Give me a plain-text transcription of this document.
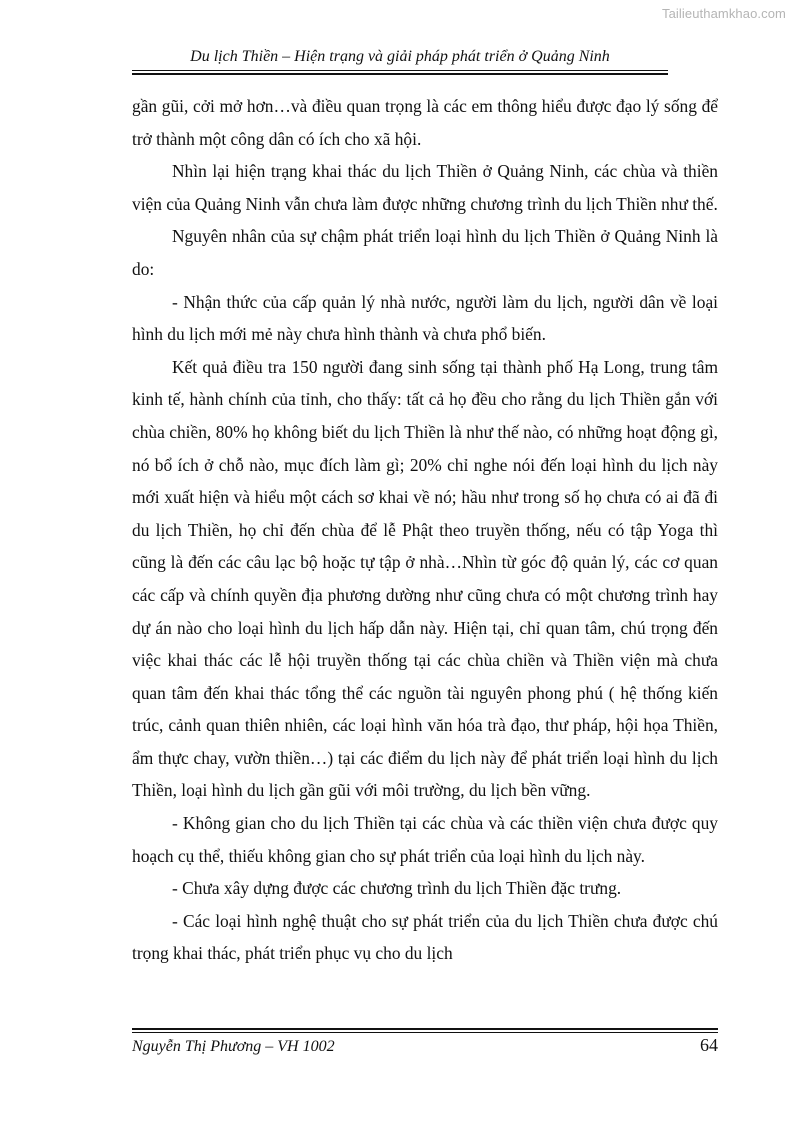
Tailieuthamkhao.com
Du lịch Thiền – Hiện trạng và giải pháp phát triển ở Quảng Ninh

gần gũi, cởi mở hơn…và điều quan trọng là các em thông hiểu được đạo lý sống để trở thành một công dân có ích cho xã hội.

Nhìn lại hiện trạng khai thác du lịch Thiền ở Quảng Ninh, các chùa và thiền viện của Quảng Ninh vẫn chưa làm được những chương trình du lịch Thiền như thế.

Nguyên nhân của sự chậm phát triển loại hình du lịch Thiền ở Quảng Ninh là do:

- Nhận thức của cấp quản lý nhà nước, người làm du lịch, người dân về loại hình du lịch mới mẻ này chưa hình thành và chưa phổ biến.

Kết quả điều tra 150 người đang sinh sống tại thành phố Hạ Long, trung tâm kinh tế, hành chính của tỉnh, cho thấy: tất cả họ đều cho rằng du lịch Thiền gắn với chùa chiền, 80% họ không biết du lịch Thiền là như thế nào, có những hoạt động gì, nó bổ ích ở chỗ nào, mục đích làm gì; 20% chỉ nghe nói đến loại hình du lịch này mới xuất hiện và hiểu một cách sơ khai về nó; hầu như trong số họ chưa có ai đã đi du lịch Thiền, họ chỉ đến chùa để lễ Phật theo truyền thống, nếu có tập Yoga thì cũng là đến các câu lạc bộ hoặc tự tập ở nhà…Nhìn từ góc độ quản lý, các cơ quan các cấp và chính quyền địa phương dường như cũng chưa có một chương trình hay dự án nào cho loại hình du lịch hấp dẫn này. Hiện tại, chỉ quan tâm, chú trọng đến việc khai thác các lễ hội truyền thống tại các chùa chiền và Thiền viện mà chưa quan tâm đến khai thác tổng thể các nguồn tài nguyên phong phú ( hệ thống kiến trúc, cảnh quan thiên nhiên, các loại hình văn hóa trà đạo, thư pháp, hội họa Thiền, ẩm thực chay, vườn thiền…) tại các điểm du lịch này để phát triển loại hình du lịch Thiền, loại hình du lịch gần gũi với môi trường, du lịch bền vững.

- Không gian cho du lịch Thiền tại các chùa và các thiền viện chưa được quy hoạch cụ thể, thiếu không gian cho sự phát triển của loại hình du lịch này.

- Chưa xây dựng được các chương trình du lịch Thiền đặc trưng.

- Các loại hình nghệ thuật cho sự phát triển của du lịch Thiền chưa được chú trọng khai thác, phát triển phục vụ cho du lịch

Nguyễn Thị Phương – VH 1002	64
